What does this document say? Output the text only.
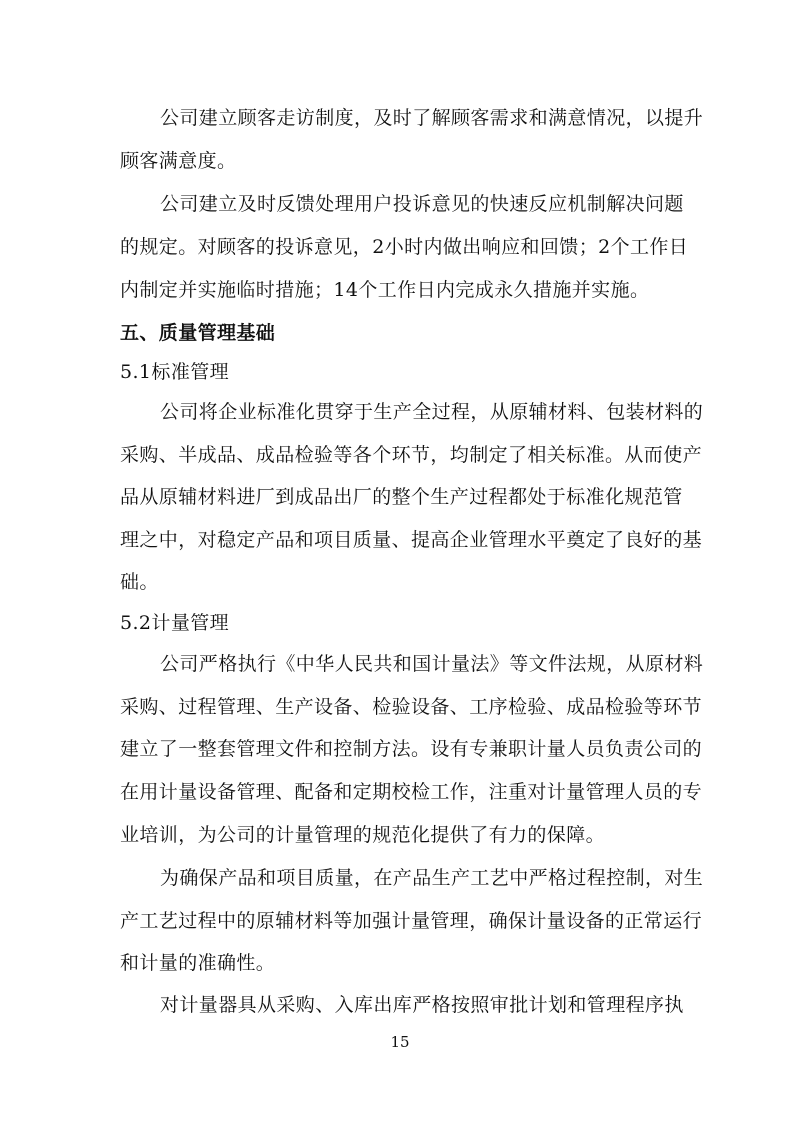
公司建立顾客走访制度，及时了解顾客需求和满意情况，以提升
顾客满意度。
公司建立及时反馈处理用户投诉意见的快速反应机制解决问题
的规定。对顾客的投诉意见，2小时内做出响应和回馈；2个工作日
内制定并实施临时措施；14个工作日内完成永久措施并实施。
五、质量管理基础
5.1标准管理
公司将企业标准化贯穿于生产全过程，从原辅材料、包装材料的
采购、半成品、成品检验等各个环节，均制定了相关标准。从而使产
品从原辅材料进厂到成品出厂的整个生产过程都处于标准化规范管
理之中，对稳定产品和项目质量、提高企业管理水平奠定了良好的基
础。
5.2计量管理
公司严格执行《中华人民共和国计量法》等文件法规，从原材料
采购、过程管理、生产设备、检验设备、工序检验、成品检验等环节
建立了一整套管理文件和控制方法。设有专兼职计量人员负责公司的
在用计量设备管理、配备和定期校检工作，注重对计量管理人员的专
业培训，为公司的计量管理的规范化提供了有力的保障。
为确保产品和项目质量，在产品生产工艺中严格过程控制，对生
产工艺过程中的原辅材料等加强计量管理，确保计量设备的正常运行
和计量的准确性。
对计量器具从采购、入库出库严格按照审批计划和管理程序执
15
